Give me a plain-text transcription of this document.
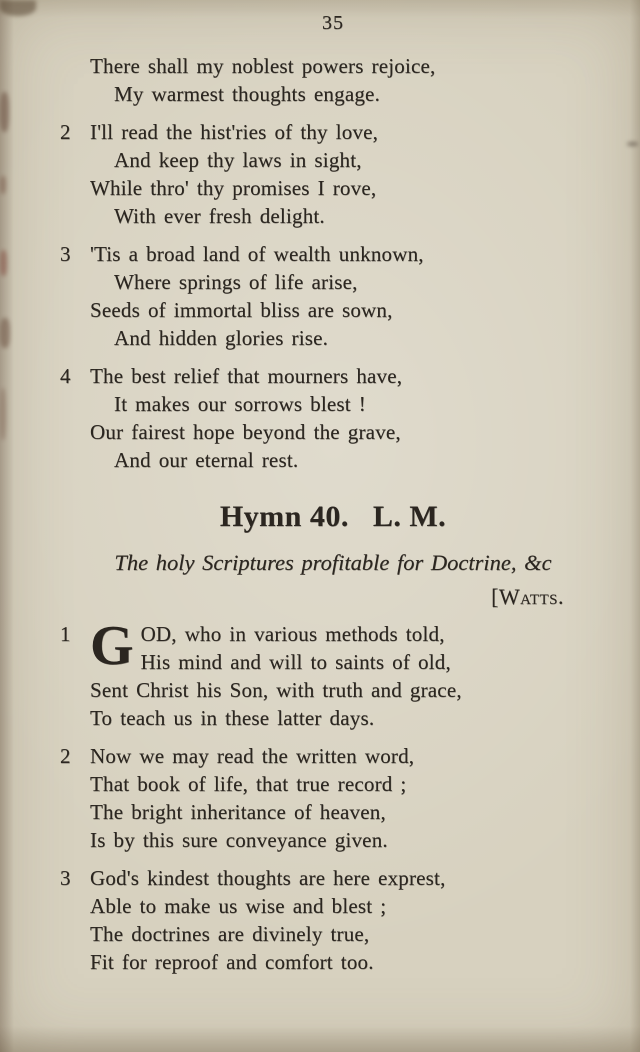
35
There shall my noblest powers rejoice,
My warmest thoughts engage.
2 I'll read the hist'ries of thy love,
And keep thy laws in sight,
While thro' thy promises I rove,
With ever fresh delight.
3 'Tis a broad land of wealth unknown,
Where springs of life arise,
Seeds of immortal bliss are sown,
And hidden glories rise.
4 The best relief that mourners have,
It makes our sorrows blest !
Our fairest hope beyond the grave,
And our eternal rest.
Hymn 40.   L. M.
The holy Scriptures profitable for Doctrine, &c
[Watts.
1 G OD, who in various methods told,
His mind and will to saints of old,
Sent Christ his Son, with truth and grace,
To teach us in these latter days.
2 Now we may read the written word,
That book of life, that true record ;
The bright inheritance of heaven,
Is by this sure conveyance given.
3 God's kindest thoughts are here exprest,
Able to make us wise and blest ;
The doctrines are divinely true,
Fit for reproof and comfort too.
